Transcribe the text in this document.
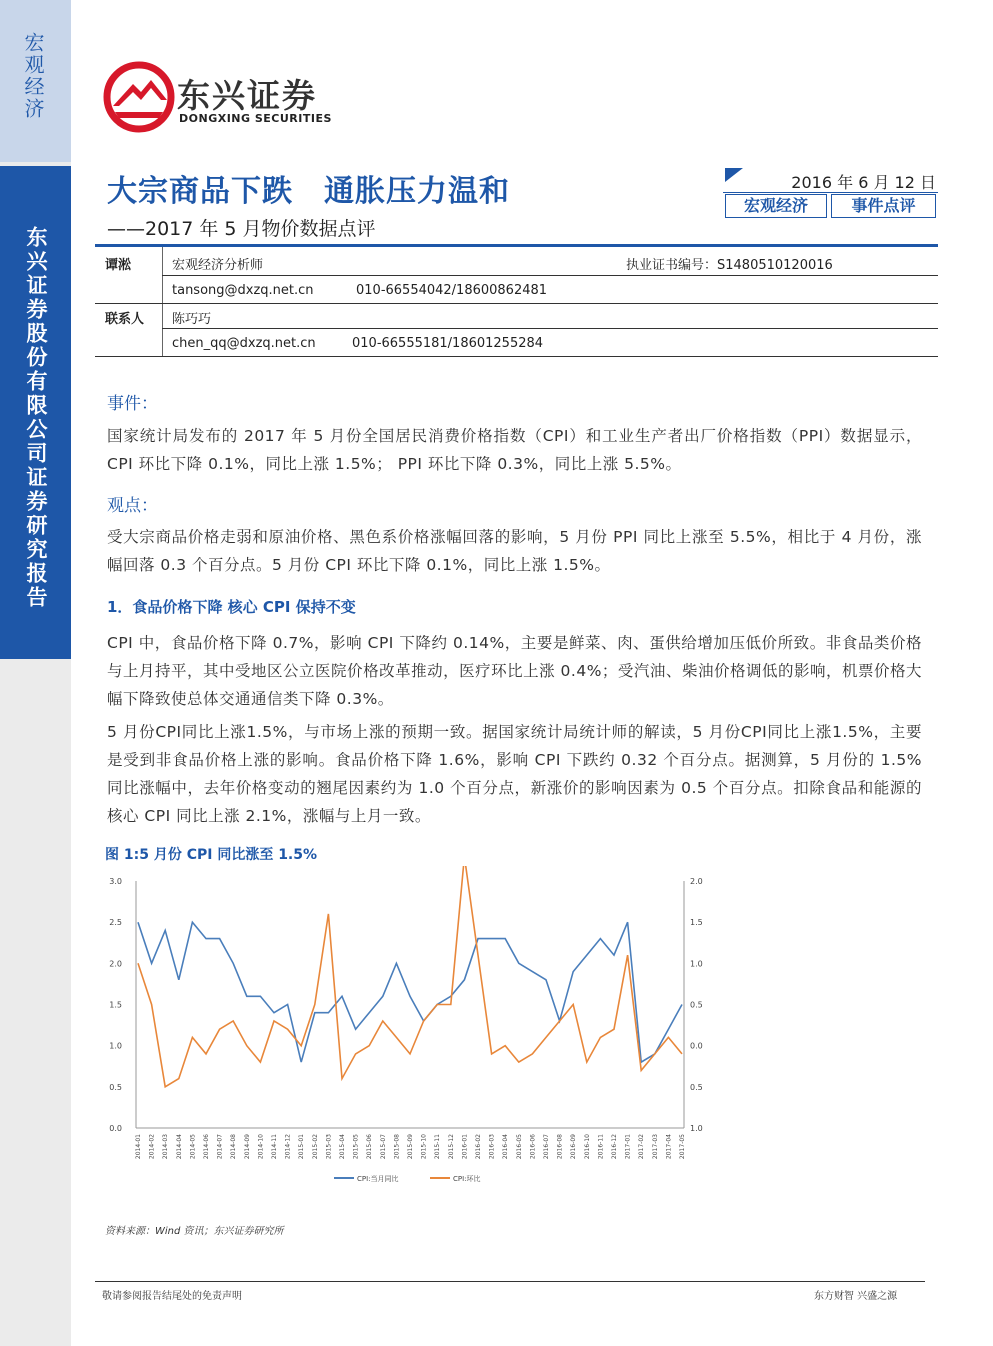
宏观经济
东兴证券股份有限公司证券研究报告
东兴证券
DONGXING SECURITIES
大宗商品下跌　通胀压力温和
——2017 年 5 月物价数据点评
2016 年 6 月 12 日
宏观经济	事件点评
谭淞	宏观经济分析师	执业证书编号：S1480510120016
tansong@dxzq.net.cn	010-66554042/18600862481
联系人 陈巧巧
chen_qq@dxzq.net.cn	010-66555181/18601255284
事件：
国家统计局发布的 2017 年 5 月份全国居民消费价格指数（CPI）和工业生产者出厂价格指数（PPI）数据显示，CPI 环比下降 0.1%，同比上涨 1.5%； PPI 环比下降 0.3%，同比上涨 5.5%。
观点：
受大宗商品价格走弱和原油价格、黑色系价格涨幅回落的影响，5 月份 PPI 同比上涨至 5.5%，相比于 4 月份，涨幅回落 0.3 个百分点。5 月份 CPI 环比下降 0.1%，同比上涨 1.5%。
1．食品价格下降 核心 CPI 保持不变
CPI 中，食品价格下降 0.7%，影响 CPI 下降约 0.14%，主要是鲜菜、肉、蛋供给增加压低价所致。非食品类价格与上月持平，其中受地区公立医院价格改革推动，医疗环比上涨 0.4%；受汽油、柴油价格调低的影响，机票价格大幅下降致使总体交通通信类下降 0.3%。
5 月份CPI同比上涨1.5%，与市场上涨的预期一致。据国家统计局统计师的解读，5 月份CPI同比上涨1.5%，主要是受到非食品价格上涨的影响。食品价格下降 1.6%，影响 CPI 下跌约 0.32 个百分点。据测算，5 月份的 1.5%同比涨幅中，去年价格变动的翘尾因素约为 1.0 个百分点，新涨价的影响因素为 0.5 个百分点。扣除食品和能源的核心 CPI 同比上涨 2.1%，涨幅与上月一致。
图 1:5 月份 CPI 同比涨至 1.5%
3.0
2.5
2.0
1.5
1.0
0.5
0.0
2.0
1.5
1.0
0.5
0.0
0.5
1.0
2014-01 2014-02 2014-03 2014-04 2014-05 2014-06 2014-07 2014-08 2014-09 2014-10 2014-11 2014-12 2015-01 2015-02 2015-03 2015-04 2015-05 2015-06 2015-07 2015-08 2015-09 2015-10 2015-11 2015-12 2016-01 2016-02 2016-03 2016-04 2016-05 2016-06 2016-07 2016-08 2016-09 2016-10 2016-11 2016-12 2017-01 2017-02 2017-03 2017-04 2017-05
CPI:当月同比	CPI:环比
资料来源：Wind 资讯；东兴证券研究所
敬请参阅报告结尾处的免责声明	东方财智 兴盛之源
